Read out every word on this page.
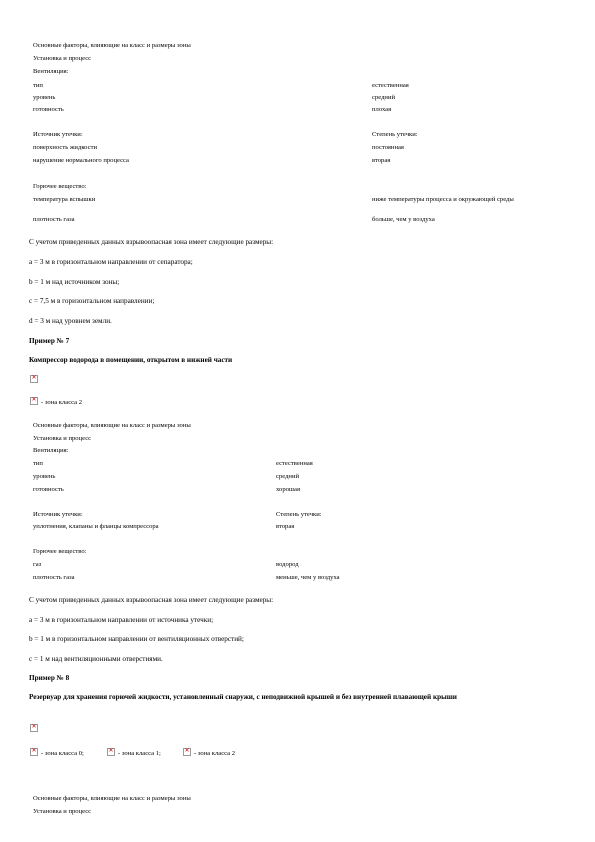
Основные факторы, влияющие на класс и размеры зоны
Установка и процесс
Вентиляция:
тип	естественная
уровень	средний
готовность	плохая
Источник утечки:	Степень утечки:
поверхность жидкости	постоянная
нарушение нормального процесса	вторая
Горючее вещество:
температура вспышки	ниже температуры процесса и окружающей среды
плотность газа	больше, чем у воздуха
С учетом приведенных данных взрывоопасная зона имеет следующие размеры:
а = 3 м в горизонтальном направлении от сепаратора;
b = 1 м над источником зоны;
c = 7,5 м в горизонтальном направлении;
d = 3 м над уровнем земли.
Пример № 7
Компрессор водорода в помещении, открытом в нижней части
✕
✕
- зона класса 2
Основные факторы, влияющие на класс и размеры зоны
Установка и процесс
Вентиляция:
тип	естественная
уровень	средний
готовность	хорошая
Источник утечки:	Степень утечки:
уплотнения, клапаны и фланцы компрессора	вторая
Горючее вещество:
газ	водород
плотность газа	меньше, чем у воздуха
С учетом приведенных данных взрывоопасная зона имеет следующие размеры:
а = 3 м в горизонтальном направлении от источника утечки;
b = 1 м в горизонтальном направлении от вентиляционных отверстий;
c = 1 м над вентиляционными отверстиями.
Пример № 8
Резервуар для хранения горючей жидкости, установленный снаружи, с неподвижной крышей и без внутренней плавающей крыши
✕
✕
- зона класса 0; ✕	- зона класса 1; ✕	- зона класса 2
Основные факторы, влияющие на класс и размеры зоны
Установка и процесс
